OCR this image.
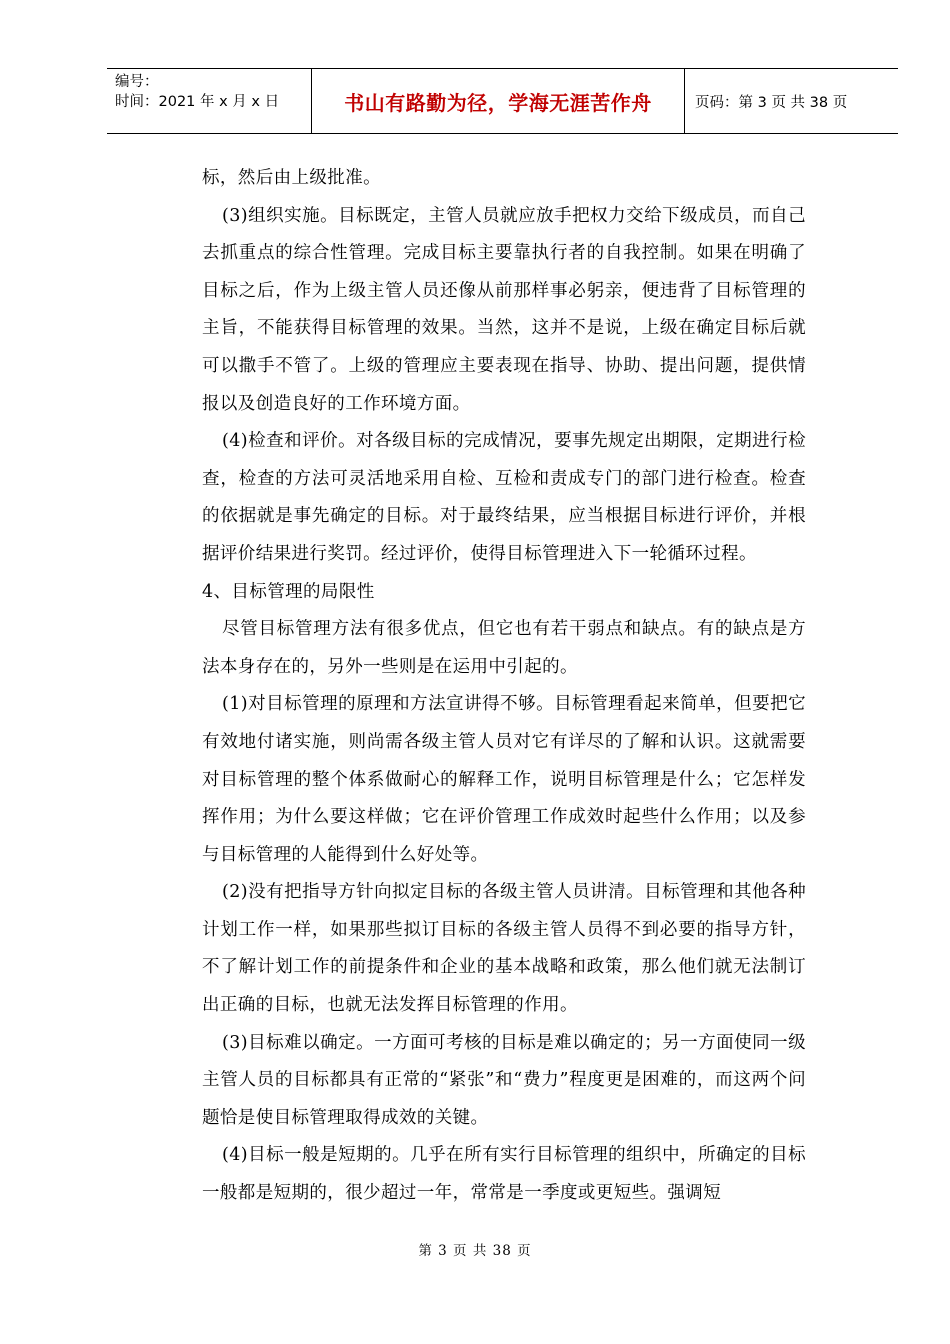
编号：
时间：2021 年 x 月 x 日	书山有路勤为径，学海无涯苦作舟	页码：第 3 页 共 38 页

标，然后由上级批准。

(3)组织实施。目标既定，主管人员就应放手把权力交给下级成员，而自己去抓重点的综合性管理。完成目标主要靠执行者的自我控制。如果在明确了目标之后，作为上级主管人员还像从前那样事必躬亲，便违背了目标管理的主旨，不能获得目标管理的效果。当然，这并不是说，上级在确定目标后就可以撒手不管了。上级的管理应主要表现在指导、协助、提出问题，提供情报以及创造良好的工作环境方面。

(4)检查和评价。对各级目标的完成情况，要事先规定出期限，定期进行检查，检查的方法可灵活地采用自检、互检和责成专门的部门进行检查。检查的依据就是事先确定的目标。对于最终结果，应当根据目标进行评价，并根据评价结果进行奖罚。经过评价，使得目标管理进入下一轮循环过程。

4、目标管理的局限性

尽管目标管理方法有很多优点，但它也有若干弱点和缺点。有的缺点是方法本身存在的，另外一些则是在运用中引起的。

(1)对目标管理的原理和方法宣讲得不够。目标管理看起来简单，但要把它有效地付诸实施，则尚需各级主管人员对它有详尽的了解和认识。这就需要对目标管理的整个体系做耐心的解释工作，说明目标管理是什么；它怎样发挥作用；为什么要这样做；它在评价管理工作成效时起些什么作用；以及参与目标管理的人能得到什么好处等。

(2)没有把指导方针向拟定目标的各级主管人员讲清。目标管理和其他各种计划工作一样，如果那些拟订目标的各级主管人员得不到必要的指导方针，不了解计划工作的前提条件和企业的基本战略和政策，那么他们就无法制订出正确的目标，也就无法发挥目标管理的作用。

(3)目标难以确定。一方面可考核的目标是难以确定的；另一方面使同一级主管人员的目标都具有正常的“紧张”和“费力”程度更是困难的，而这两个问题恰是使目标管理取得成效的关键。

(4)目标一般是短期的。几乎在所有实行目标管理的组织中，所确定的目标一般都是短期的，很少超过一年，常常是一季度或更短些。强调短

第 3 页 共 38 页
